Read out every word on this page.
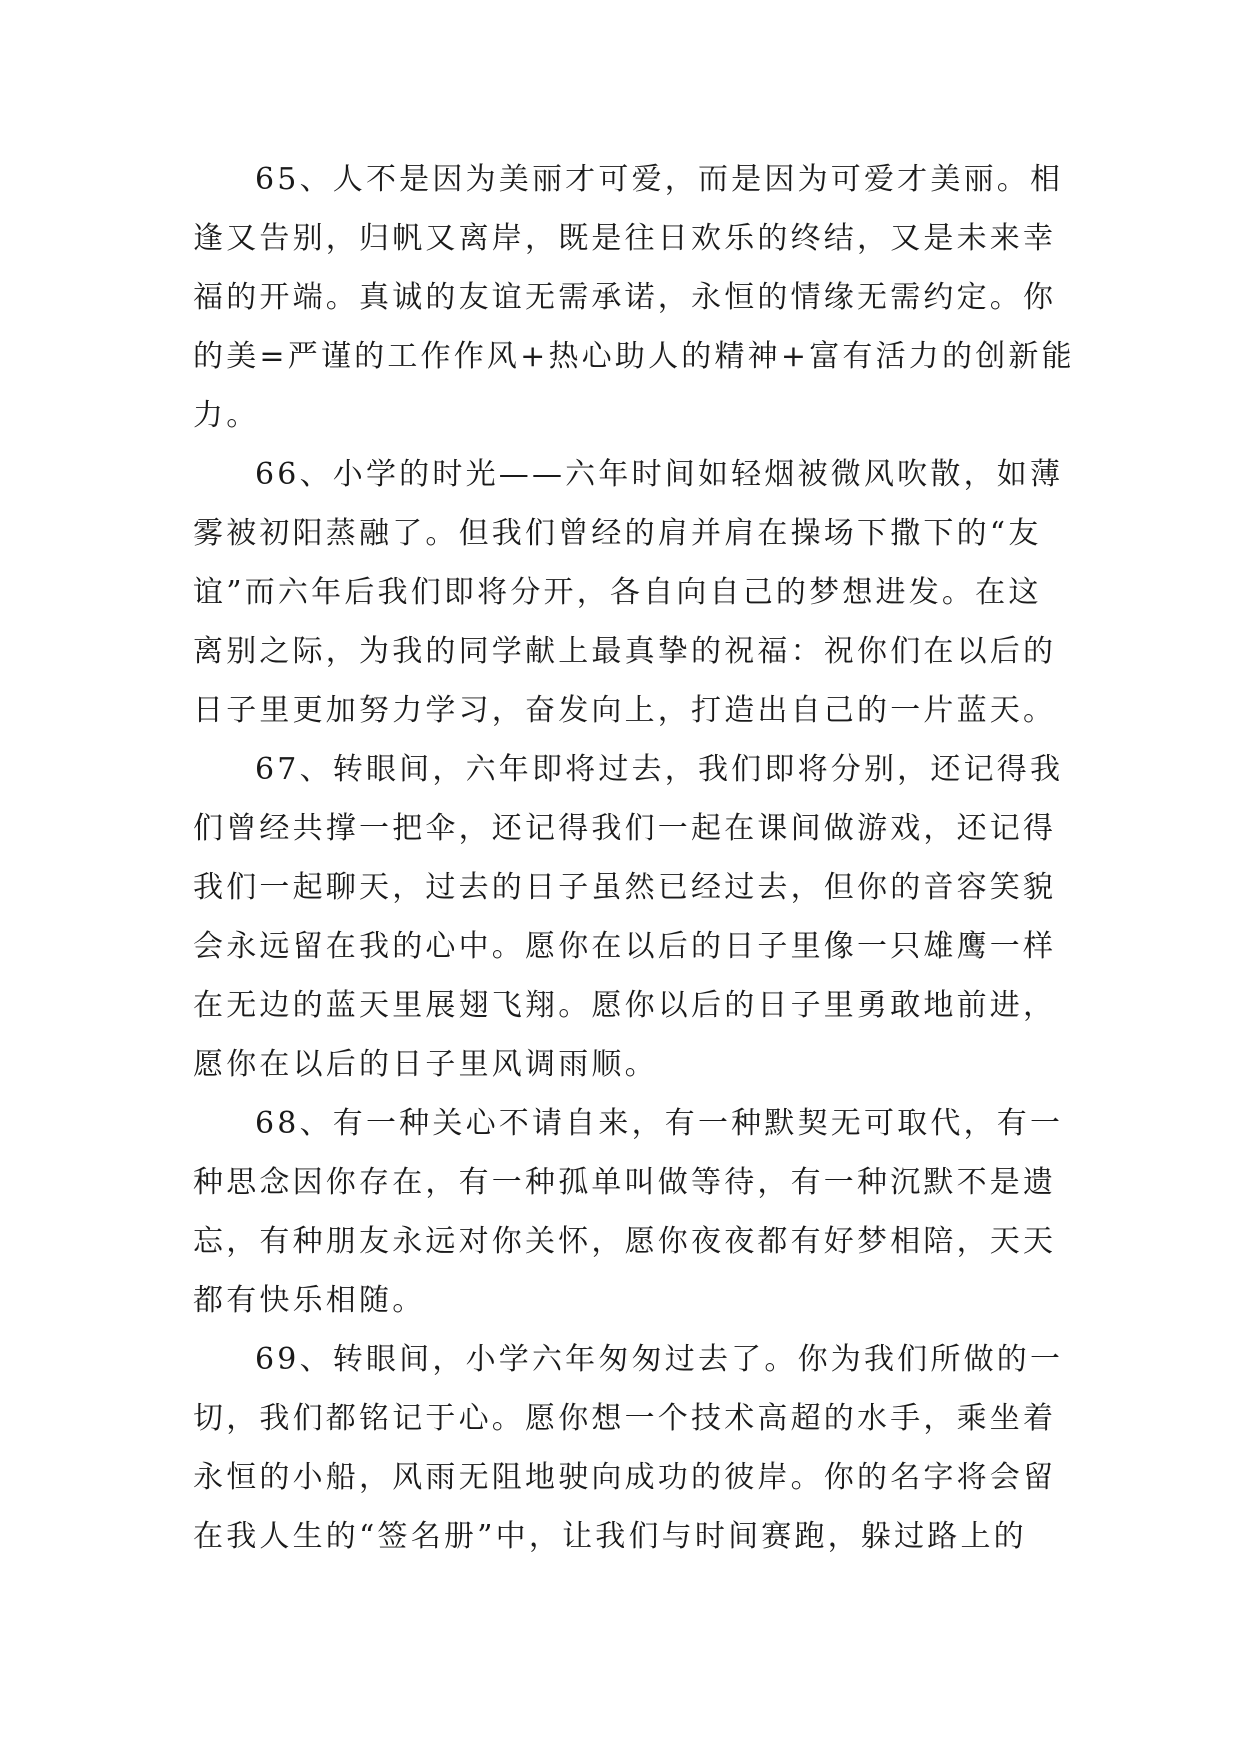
65、人不是因为美丽才可爱，而是因为可爱才美丽。相
逢又告别，归帆又离岸，既是往日欢乐的终结，又是未来幸
福的开端。真诚的友谊无需承诺，永恒的情缘无需约定。你
的美=严谨的工作作风+热心助人的精神+富有活力的创新能
力。
66、小学的时光——六年时间如轻烟被微风吹散，如薄
雾被初阳蒸融了。但我们曾经的肩并肩在操场下撒下的“友
谊”而六年后我们即将分开，各自向自己的梦想进发。在这
离别之际，为我的同学献上最真挚的祝福：祝你们在以后的
日子里更加努力学习，奋发向上，打造出自己的一片蓝天。
67、转眼间，六年即将过去，我们即将分别，还记得我
们曾经共撑一把伞，还记得我们一起在课间做游戏，还记得
我们一起聊天，过去的日子虽然已经过去，但你的音容笑貌
会永远留在我的心中。愿你在以后的日子里像一只雄鹰一样
在无边的蓝天里展翅飞翔。愿你以后的日子里勇敢地前进，
愿你在以后的日子里风调雨顺。
68、有一种关心不请自来，有一种默契无可取代，有一
种思念因你存在，有一种孤单叫做等待，有一种沉默不是遗
忘，有种朋友永远对你关怀，愿你夜夜都有好梦相陪，天天
都有快乐相随。
69、转眼间，小学六年匆匆过去了。你为我们所做的一
切，我们都铭记于心。愿你想一个技术高超的水手，乘坐着
永恒的小船，风雨无阻地驶向成功的彼岸。你的名字将会留
在我人生的“签名册”中，让我们与时间赛跑，躲过路上的
